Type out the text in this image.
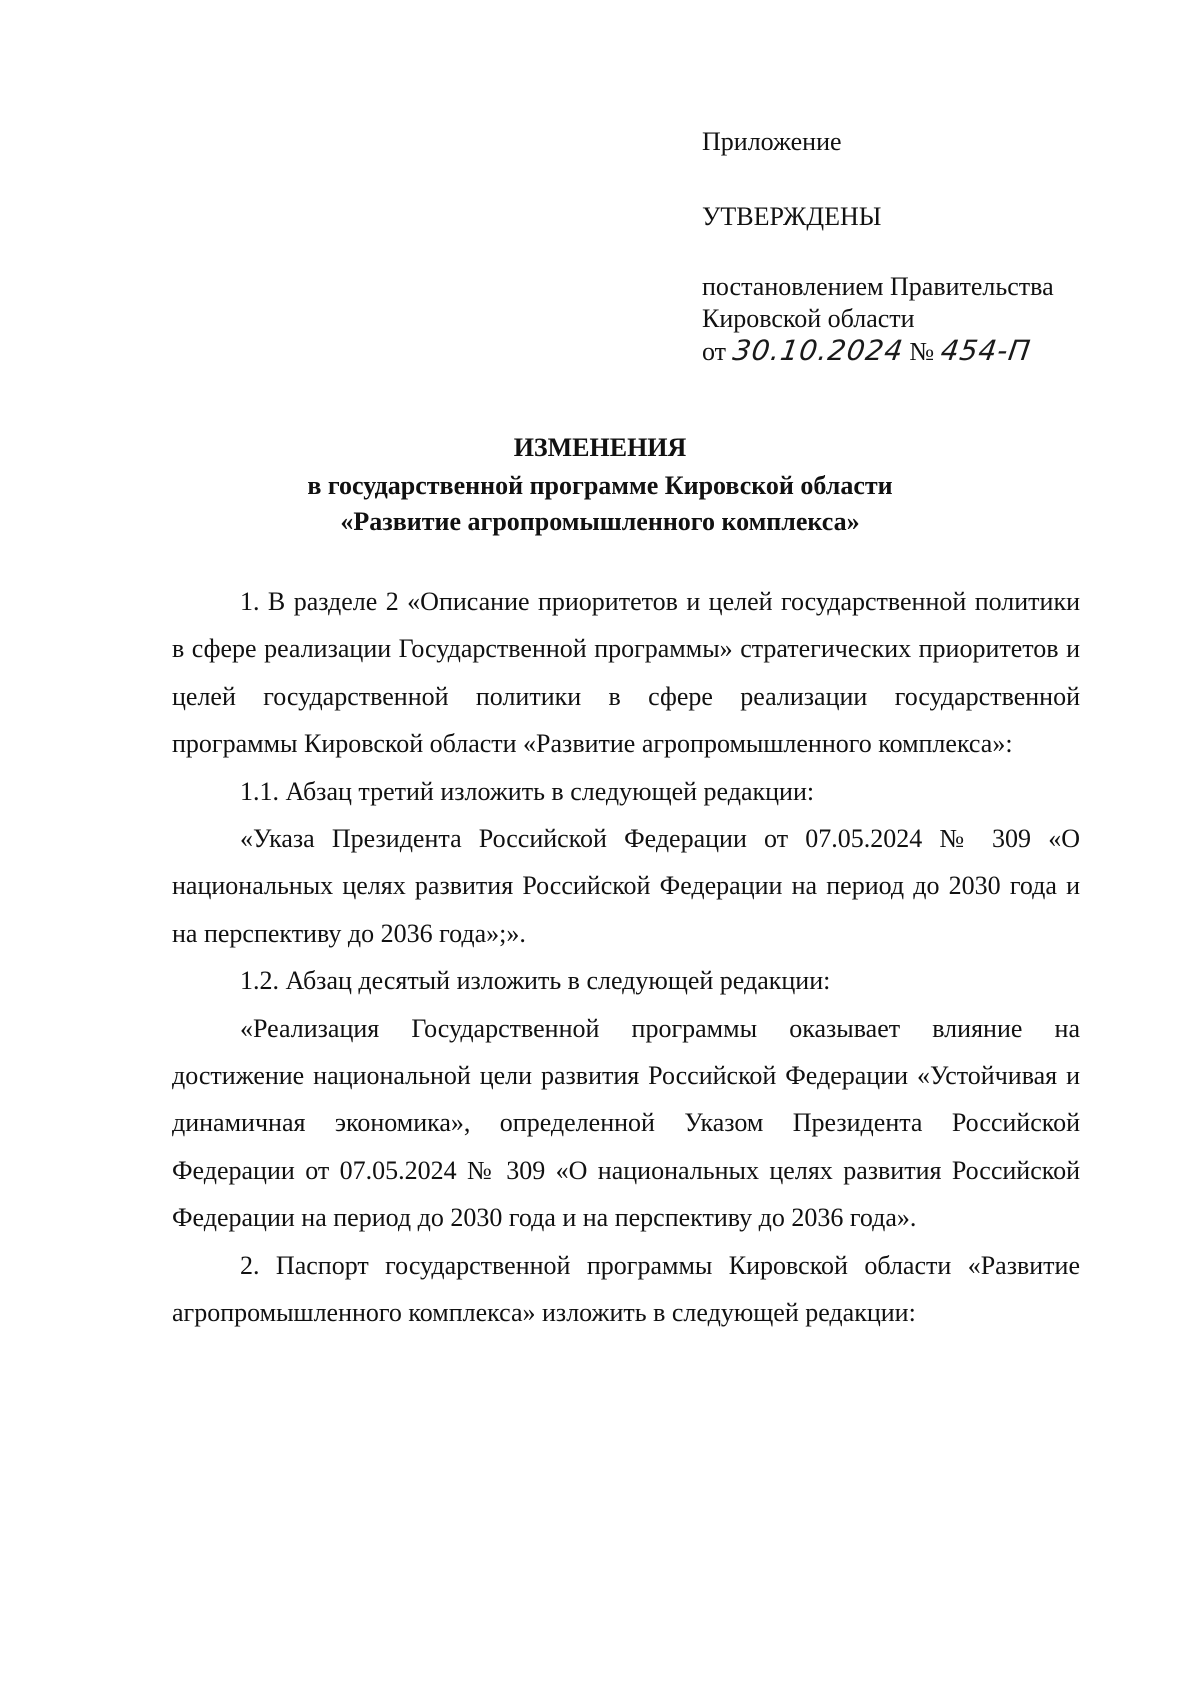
Приложение
УТВЕРЖДЕНЫ
постановлением Правительства
Кировской области
от 30.10.2024 № 454-П
ИЗМЕНЕНИЯ
в государственной программе Кировской области
«Развитие агропромышленного комплекса»

1. В разделе 2 «Описание приоритетов и целей государственной политики в сфере реализации Государственной программы» стратегических приоритетов и целей государственной политики в сфере реализации государственной программы Кировской области «Развитие агропромышленного комплекса»:

1.1. Абзац третий изложить в следующей редакции:

«Указа Президента Российской Федерации от 07.05.2024 № 309 «О национальных целях развития Российской Федерации на период до 2030 года и на перспективу до 2036 года»;».

1.2. Абзац десятый изложить в следующей редакции:

«Реализация Государственной программы оказывает влияние на достижение национальной цели развития Российской Федерации «Устойчивая и динамичная экономика», определенной Указом Президента Российской Федерации от 07.05.2024 № 309 «О национальных целях развития Российской Федерации на период до 2030 года и на перспективу до 2036 года».

2. Паспорт государственной программы Кировской области «Развитие агропромышленного комплекса» изложить в следующей редакции:
